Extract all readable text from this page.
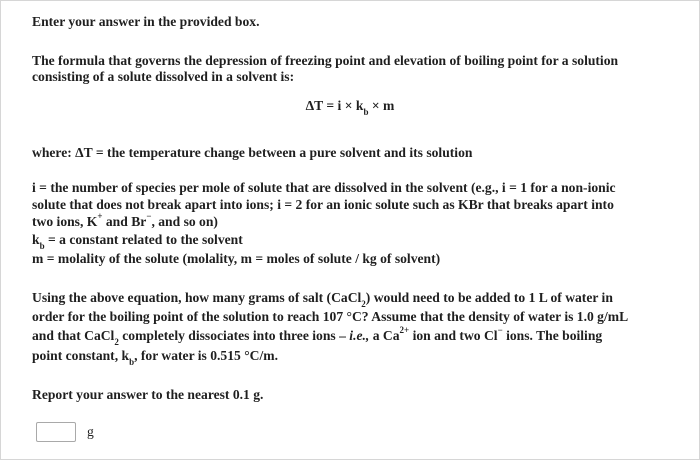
Enter your answer in the provided box.

The formula that governs the depression of freezing point and elevation of boiling point for a solution

consisting of a solute dissolved in a solvent is:

$\Delta T = i \times k_b \times m$

where: ΔT = the temperature change between a pure solvent and its solution

i = the number of species per mole of solute that are dissolved in the solvent (e.g., i = 1 for a non-ionic

solute that does not break apart into ions; i = 2 for an ionic solute such as KBr that breaks apart into

two ions, K+ and Br−, and so on)

$k_b = a$ constant related to the solvent

m = molality of the solute (molality, m = moles of solute / kg of solvent)

Using the above equation, how many grams of salt (CaCl$_2$) would need to be added to 1 L of water in

order for the boiling point of the solution to reach 107 °C? Assume that the density of water is 1.0 g/mL

and that CaCl$_2$ completely dissociates into three ions – i.e., a $Ca^{2+}$ ion and two Cl− ions. The boiling

point constant, $k_b$, for water is 0.515 °C/m.

Report your answer to the nearest 0.1 g.

g
